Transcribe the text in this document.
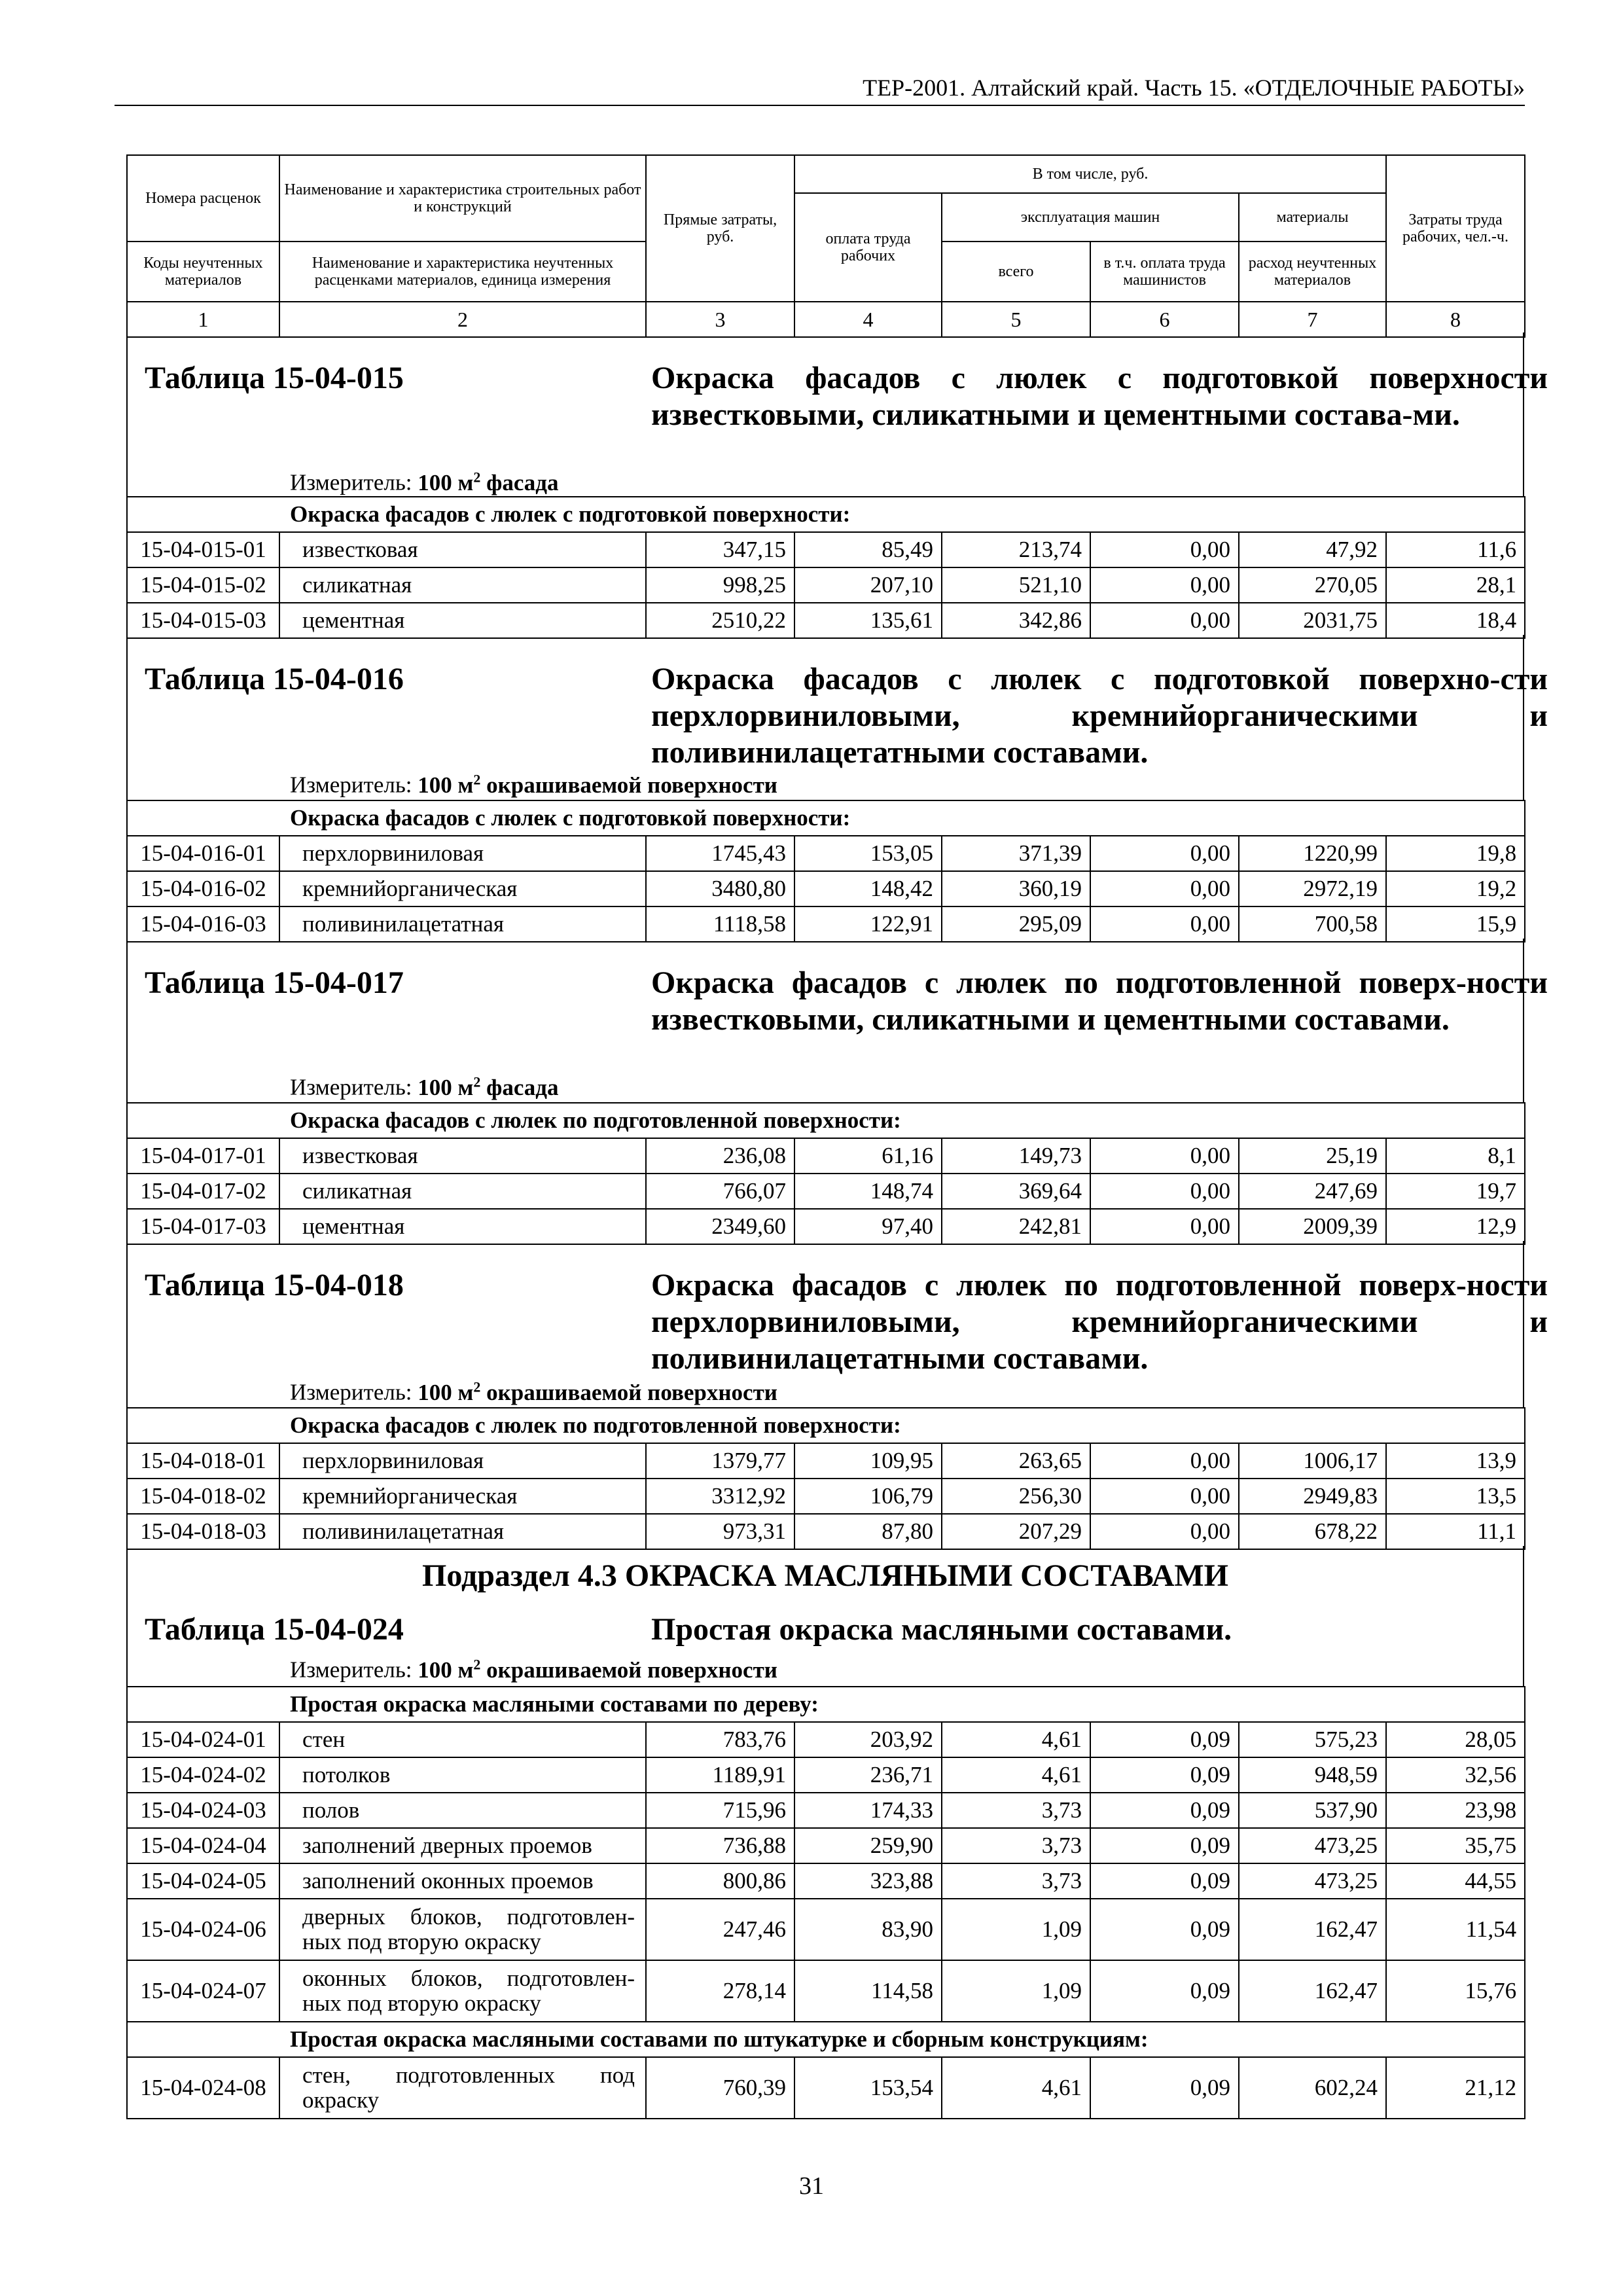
ТЕР-2001. Алтайский край. Часть 15. «ОТДЕЛОЧНЫЕ РАБОТЫ»
Номера расценок	Наименование и характеристика строительных работ и конструкций	Прямые затраты, руб.	В том числе, руб.				Затраты труда рабочих, чел.-ч.
			оплата труда рабочих	эксплуатация машин		материалы	
Коды неучтенных материалов	Наименование и характеристика неучтенных расценками материалов, единица измерения			всего	в т.ч. оплата труда машинистов	расход неучтенных материалов	
1	2	3	4	5	6	7	8
Таблица 15-04-015	Окраска фасадов с люлек с подготовкой поверхности известковыми, силикатными и цементными состава-ми.
Измеритель: 100 $м^2$ фасада
Окраска фасадов с люлек с подготовкой поверхности:							
15-04-015-01	известковая	347,15	85,49	213,74	0,00	47,92	11,6
15-04-015-02	силикатная	998,25	207,10	521,10	0,00	270,05	28,1
15-04-015-03	цементная	2510,22	135,61	342,86	0,00	2031,75	18,4
Таблица 15-04-016	Окраска фасадов с люлек с подготовкой поверхно-сти перхлорвиниловыми, кремнийорганическими и поливинилацетатными составами.
Измеритель: 100 $м^2$ окрашиваемой поверхности
Окраска фасадов с люлек с подготовкой поверхности:							
15-04-016-01	перхлорвиниловая	1745,43	153,05	371,39	0,00	1220,99	19,8
15-04-016-02	кремнийорганическая	3480,80	148,42	360,19	0,00	2972,19	19,2
15-04-016-03	поливинилацетатная	1118,58	122,91	295,09	0,00	700,58	15,9
Таблица 15-04-017	Окраска фасадов с люлек по подготовленной поверх-ности известковыми, силикатными и цементными составами.
Измеритель: 100 $м^2$ фасада
Окраска фасадов с люлек по подготовленной поверхности:							
15-04-017-01	известковая	236,08	61,16	149,73	0,00	25,19	8,1
15-04-017-02	силикатная	766,07	148,74	369,64	0,00	247,69	19,7
15-04-017-03	цементная	2349,60	97,40	242,81	0,00	2009,39	12,9
Таблица 15-04-018	Окраска фасадов с люлек по подготовленной поверх-ности перхлорвиниловыми, кремнийорганическими и поливинилацетатными составами.
Измеритель: 100 $м^2$ окрашиваемой поверхности
Окраска фасадов с люлек по подготовленной поверхности:							
15-04-018-01	перхлорвиниловая	1379,77	109,95	263,65	0,00	1006,17	13,9
15-04-018-02	кремнийорганическая	3312,92	106,79	256,30	0,00	2949,83	13,5
15-04-018-03	поливинилацетатная	973,31	87,80	207,29	0,00	678,22	11,1
Подраздел 4.3 ОКРАСКА МАСЛЯНЫМИ СОСТАВАМИ
Таблица 15-04-024	Простая окраска масляными составами.
Измеритель: 100 $м^2$ окрашиваемой поверхности
Простая окраска масляными составами по дереву:							
15-04-024-01	стен	783,76	203,92	4,61	0,09	575,23	28,05
15-04-024-02	потолков	1189,91	236,71	4,61	0,09	948,59	32,56
15-04-024-03	полов	715,96	174,33	3,73	0,09	537,90	23,98
15-04-024-04	заполнений дверных проемов	736,88	259,90	3,73	0,09	473,25	35,75
15-04-024-05	заполнений оконных проемов	800,86	323,88	3,73	0,09	473,25	44,55
15-04-024-06	дверных блоков, подготовлен-ных под вторую окраску	247,46	83,90	1,09	0,09	162,47	11,54
15-04-024-07	оконных блоков, подготовлен-ных под вторую окраску	278,14	114,58	1,09	0,09	162,47	15,76
Простая окраска масляными составами по штукатурке и сборным конструкциям:							
15-04-024-08	стен, подготовленных под окраску	760,39	153,54	4,61	0,09	602,24	21,12
31
